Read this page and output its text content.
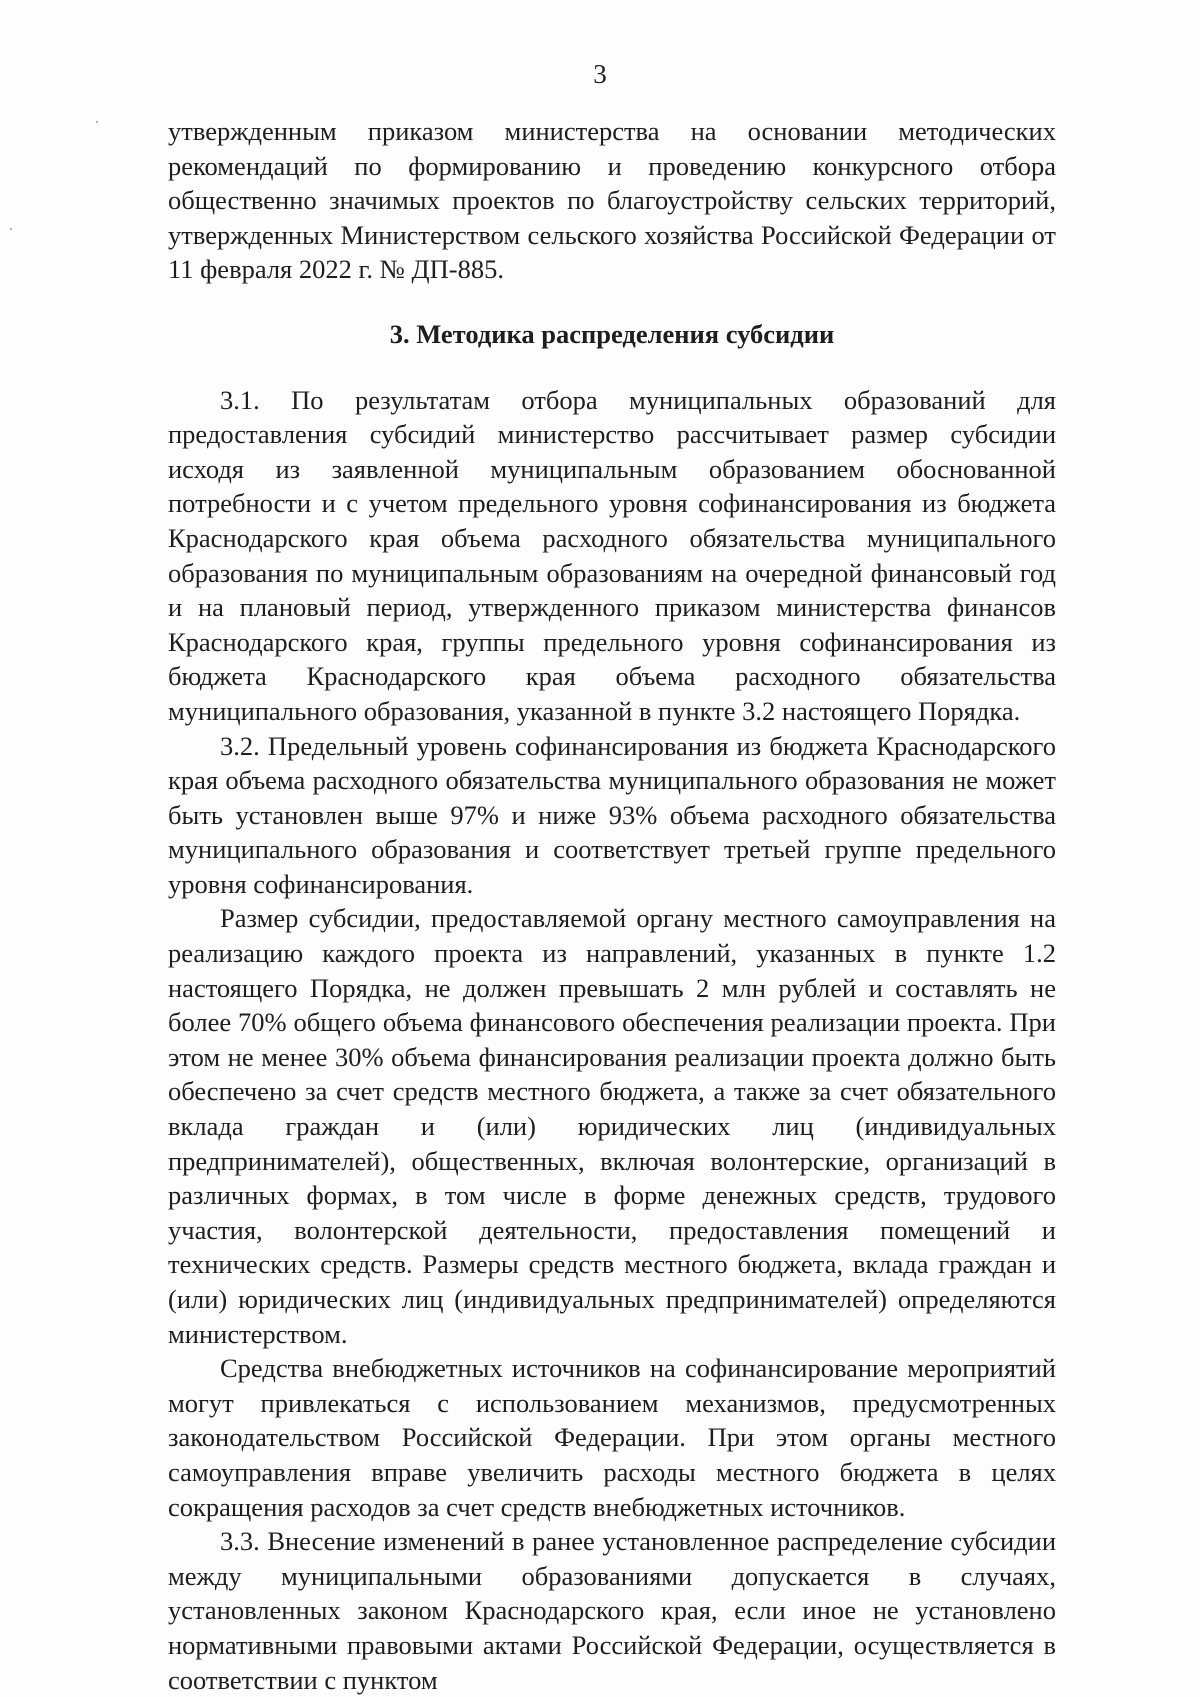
3

утвержденным приказом министерства на основании методических рекомендаций по формированию и проведению конкурсного отбора общественно значимых проектов по благоустройству сельских территорий, утвержденных Министерством сельского хозяйства Российской Федерации от 11 февраля 2022 г. № ДП-885.

3. Методика распределения субсидии

3.1. По результатам отбора муниципальных образований для предоставления субсидий министерство рассчитывает размер субсидии исходя из заявленной муниципальным образованием обоснованной потребности и с учетом предельного уровня софинансирования из бюджета Краснодарского края объема расходного обязательства муниципального образования по муниципальным образованиям на очередной финансовый год и на плановый период, утвержденного приказом министерства финансов Краснодарского края, группы предельного уровня софинансирования из бюджета Краснодарского края объема расходного обязательства муниципального образования, указанной в пункте 3.2 настоящего Порядка.

3.2. Предельный уровень софинансирования из бюджета Краснодарского края объема расходного обязательства муниципального образования не может быть установлен выше 97% и ниже 93% объема расходного обязательства муниципального образования и соответствует третьей группе предельного уровня софинансирования.

Размер субсидии, предоставляемой органу местного самоуправления на реализацию каждого проекта из направлений, указанных в пункте 1.2 настоящего Порядка, не должен превышать 2 млн рублей и составлять не более 70% общего объема финансового обеспечения реализации проекта. При этом не менее 30% объема финансирования реализации проекта должно быть обеспечено за счет средств местного бюджета, а также за счет обязательного вклада граждан и (или) юридических лиц (индивидуальных предпринимателей), общественных, включая волонтерские, организаций в различных формах, в том числе в форме денежных средств, трудового участия, волонтерской деятельности, предоставления помещений и технических средств. Размеры средств местного бюджета, вклада граждан и (или) юридических лиц (индивидуальных предпринимателей) определяются министерством.

Средства внебюджетных источников на софинансирование мероприятий могут привлекаться с использованием механизмов, предусмотренных законодательством Российской Федерации. При этом органы местного самоуправления вправе увеличить расходы местного бюджета в целях сокращения расходов за счет средств внебюджетных источников.

3.3. Внесение изменений в ранее установленное распределение субсидии между муниципальными образованиями допускается в случаях, установленных законом Краснодарского края, если иное не установлено нормативными правовыми актами Российской Федерации, осуществляется в соответствии с пунктом
